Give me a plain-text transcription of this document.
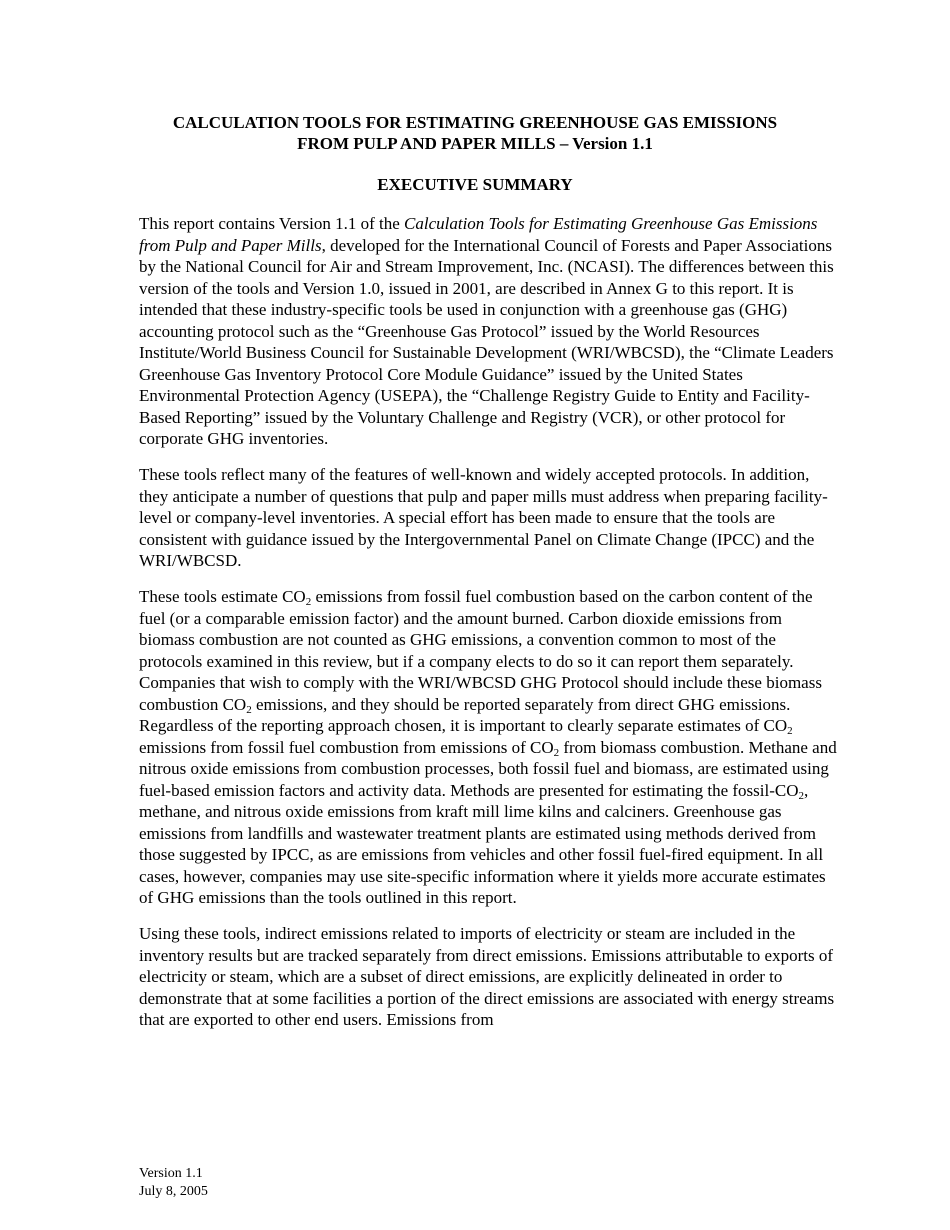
CALCULATION TOOLS FOR ESTIMATING GREENHOUSE GAS EMISSIONS
FROM PULP AND PAPER MILLS – Version 1.1
EXECUTIVE SUMMARY

This report contains Version 1.1 of the Calculation Tools for Estimating Greenhouse Gas Emissions from Pulp and Paper Mills, developed for the International Council of Forests and Paper Associations by the National Council for Air and Stream Improvement, Inc. (NCASI). The differences between this version of the tools and Version 1.0, issued in 2001, are described in Annex G to this report. It is intended that these industry-specific tools be used in conjunction with a greenhouse gas (GHG) accounting protocol such as the “Greenhouse Gas Protocol” issued by the World Resources Institute/World Business Council for Sustainable Development (WRI/WBCSD), the “Climate Leaders Greenhouse Gas Inventory Protocol Core Module Guidance” issued by the United States Environmental Protection Agency (USEPA), the “Challenge Registry Guide to Entity and Facility-Based Reporting” issued by the Voluntary Challenge and Registry (VCR), or other protocol for corporate GHG inventories.

These tools reflect many of the features of well-known and widely accepted protocols. In addition, they anticipate a number of questions that pulp and paper mills must address when preparing facility-level or company-level inventories. A special effort has been made to ensure that the tools are consistent with guidance issued by the Intergovernmental Panel on Climate Change (IPCC) and the WRI/WBCSD.

These tools estimate $CO_2$ emissions from fossil fuel combustion based on the carbon content of the fuel (or a comparable emission factor) and the amount burned. Carbon dioxide emissions from biomass combustion are not counted as GHG emissions, a convention common to most of the protocols examined in this review, but if a company elects to do so it can report them separately. Companies that wish to comply with the WRI/WBCSD GHG Protocol should include these biomass combustion $CO_2$ emissions, and they should be reported separately from direct GHG emissions. Regardless of the reporting approach chosen, it is important to clearly separate estimates of $CO_2$ emissions from fossil fuel combustion from emissions of $CO_2$ from biomass combustion. Methane and nitrous oxide emissions from combustion processes, both fossil fuel and biomass, are estimated using fuel-based emission factors and activity data. Methods are presented for estimating the fossil-$CO_2$, methane, and nitrous oxide emissions from kraft mill lime kilns and calciners. Greenhouse gas emissions from landfills and wastewater treatment plants are estimated using methods derived from those suggested by IPCC, as are emissions from vehicles and other fossil fuel-fired equipment. In all cases, however, companies may use site-specific information where it yields more accurate estimates of GHG emissions than the tools outlined in this report.

Using these tools, indirect emissions related to imports of electricity or steam are included in the inventory results but are tracked separately from direct emissions. Emissions attributable to exports of electricity or steam, which are a subset of direct emissions, are explicitly delineated in order to demonstrate that at some facilities a portion of the direct emissions are associated with energy streams that are exported to other end users. Emissions from

Version 1.1
July 8, 2005
